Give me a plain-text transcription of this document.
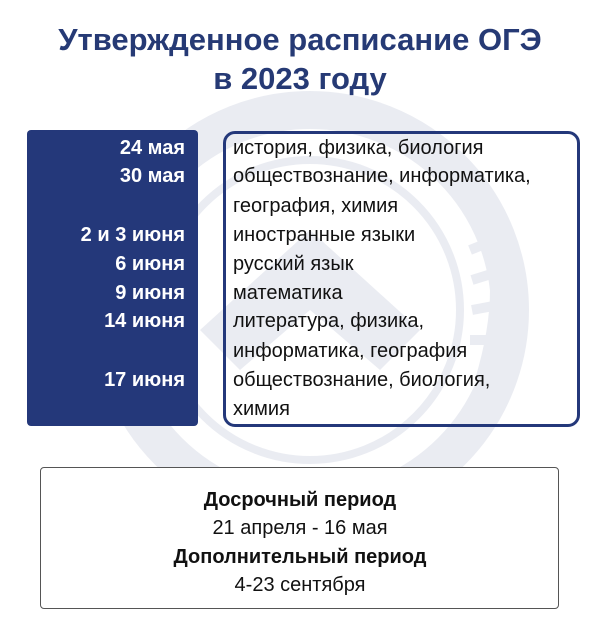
Утвержденное расписание ОГЭ
в 2023 году
24 мая
30 мая
2 и 3 июня
6 июня
9 июня
14 июня
17 июня
история, физика, биология
обществознание, информатика,
география, химия
иностранные языки
русский язык
математика
литература, физика,
информатика, география
обществознание, биология,
химия
Досрочный период
21 апреля - 16 мая
Дополнительный период
4-23 сентября
